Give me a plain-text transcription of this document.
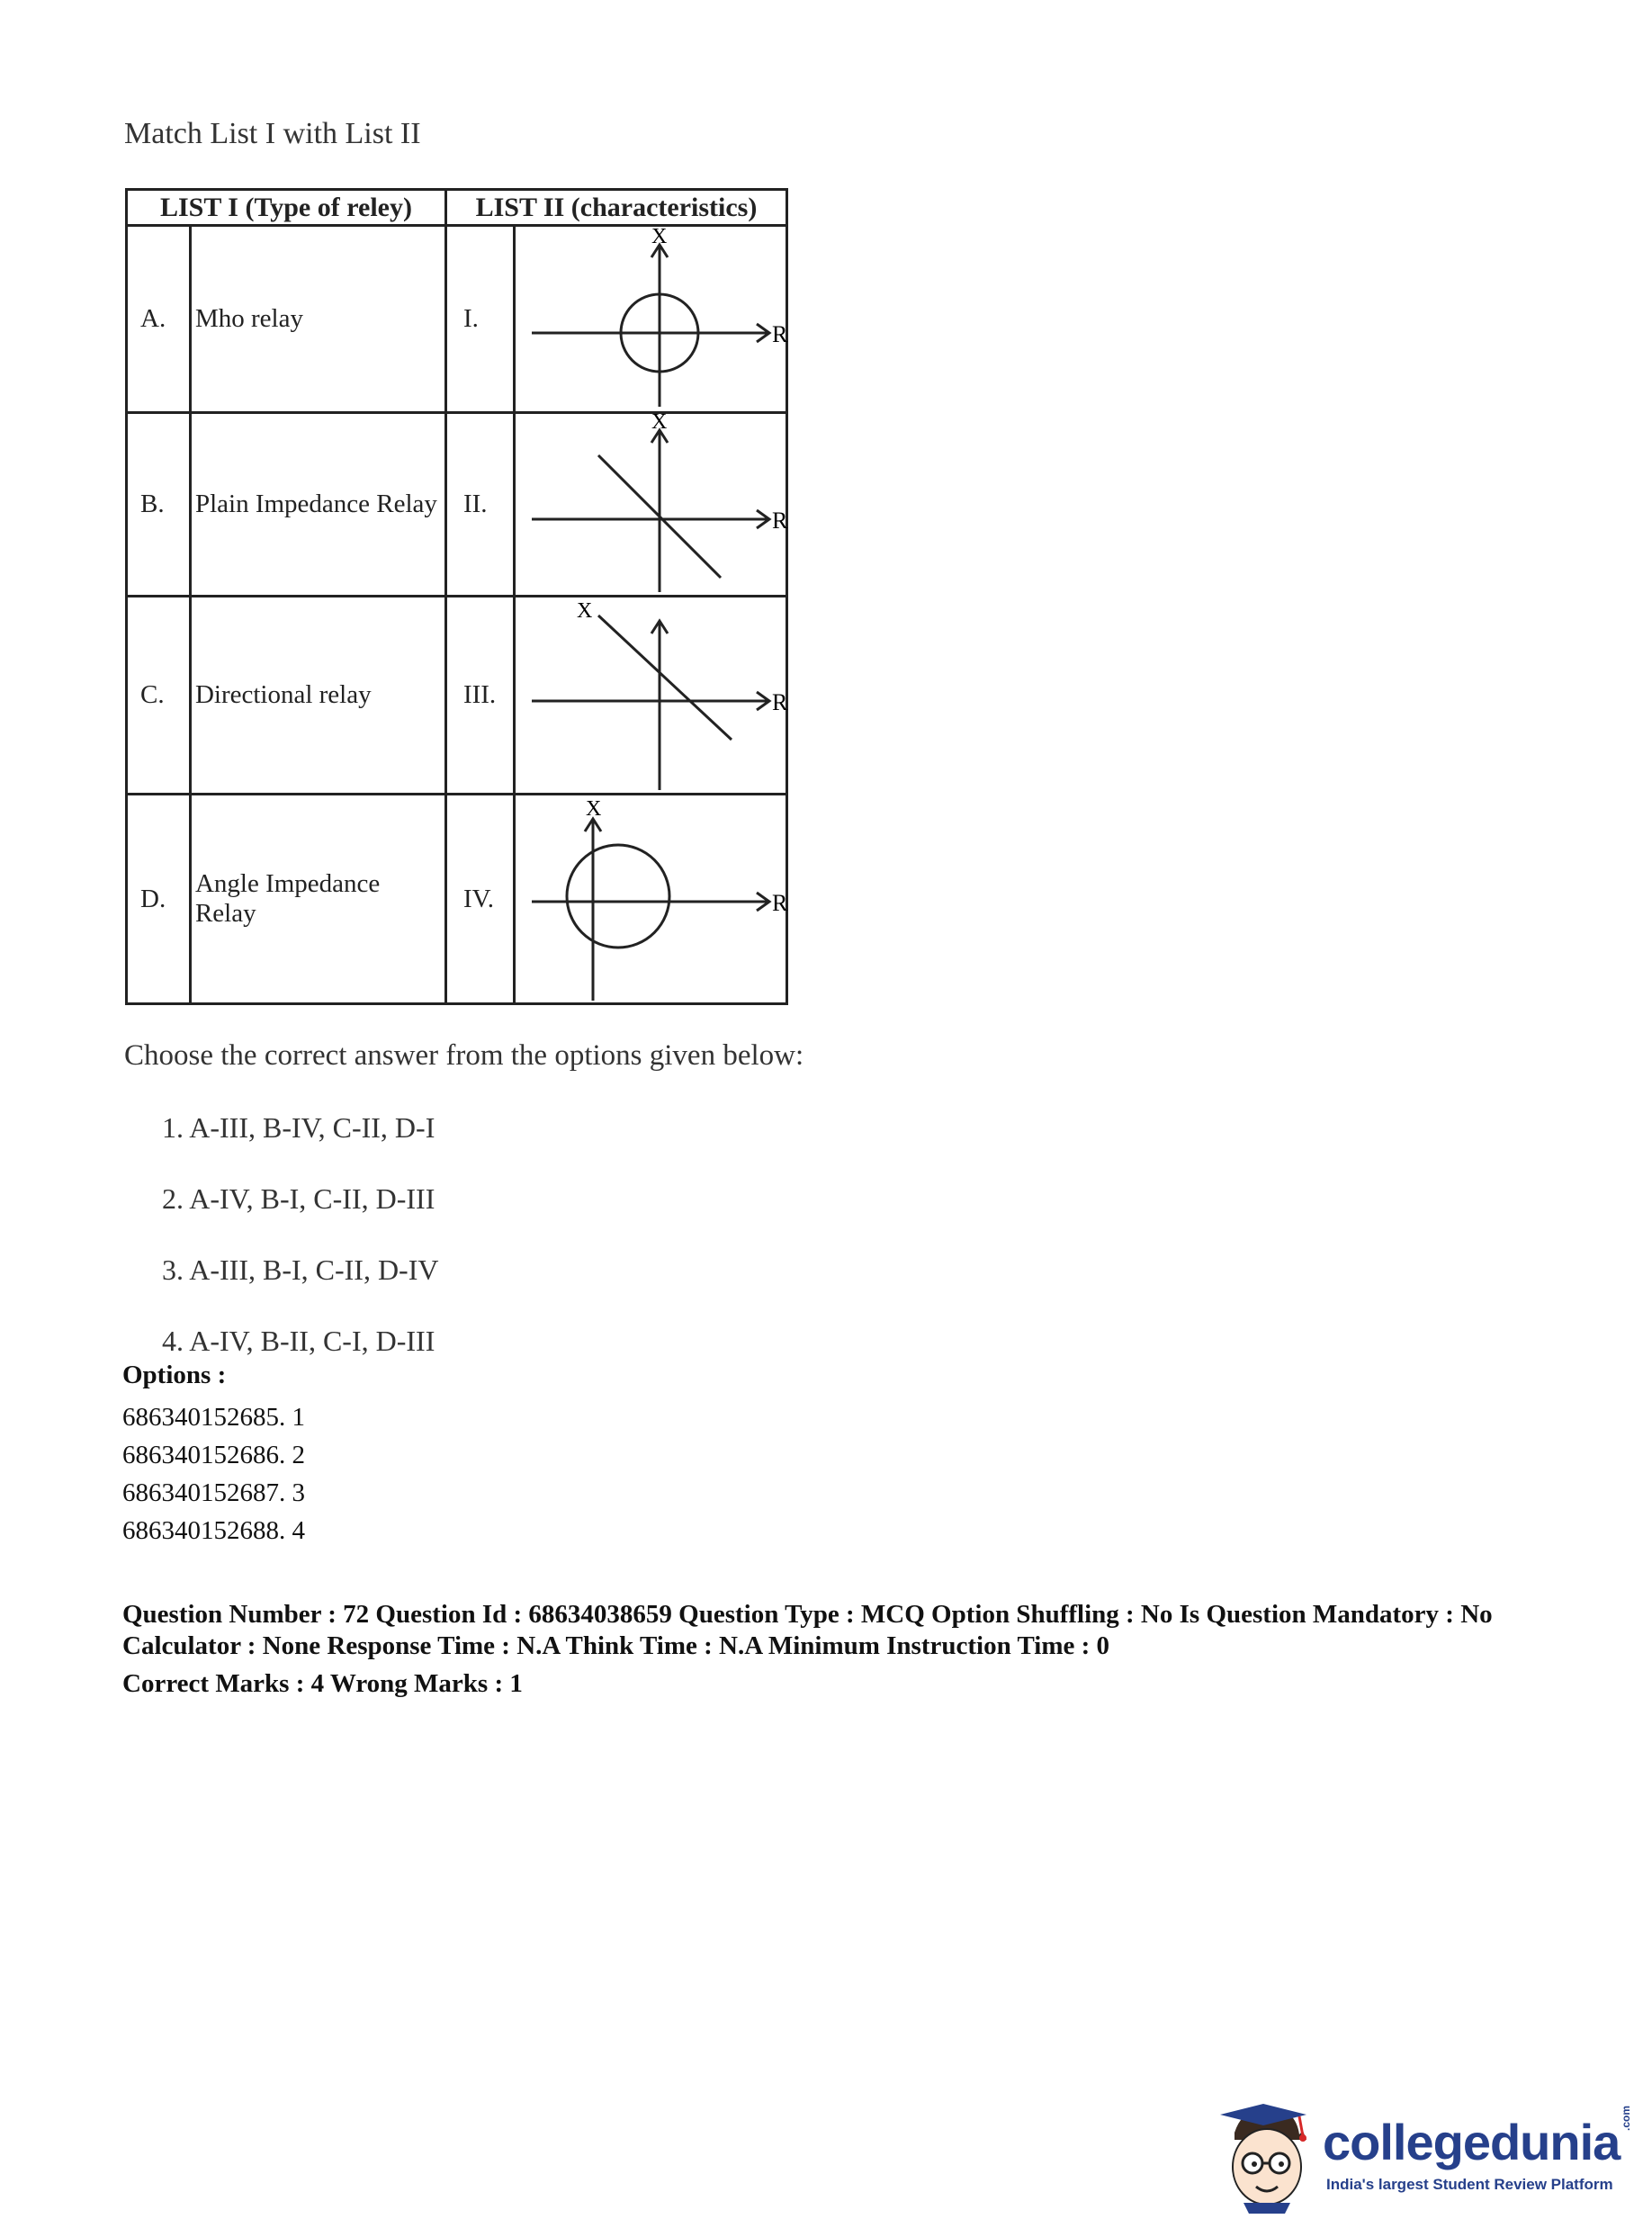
Match List I with List II
LIST I (Type of reley)		LIST II (characteristics)	
A.	Mho relay	I.	R
X

B.	Plain Impedance Relay	II.	R
X

C.	Directional relay	III.	R
X

D.	Angle Impedance Relay	IV.	R
X
Choose the correct answer from the options given below:
1. A-III, B-IV, C-II, D-I
2. A-IV, B-I, C-II, D-III
3. A-III, B-I, C-II, D-IV
4. A-IV, B-II, C-I, D-III
Options :
686340152685. 1
686340152686. 2
686340152687. 3
686340152688. 4
Question Number : 72 Question Id : 68634038659 Question Type : MCQ Option Shuffling : No Is Question Mandatory : No Calculator : None Response Time : N.A Think Time : N.A Minimum Instruction Time : 0
Correct Marks : 4 Wrong Marks : 1
collegedunia .com
India's largest Student Review Platform
